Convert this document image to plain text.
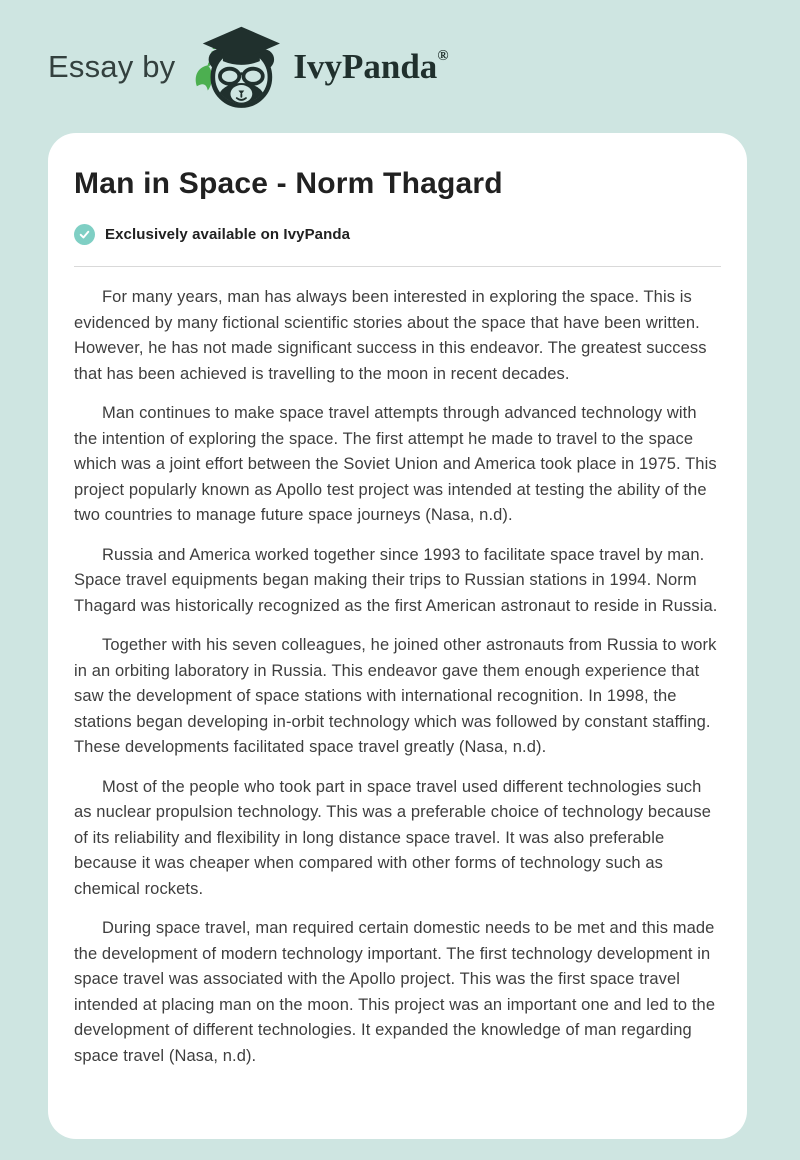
Essay by	IvyPanda®
Man in Space - Norm Thagard
Exclusively available on IvyPanda

For many years, man has always been interested in exploring the space. This is evidenced by many fictional scientific stories about the space that have been written. However, he has not made significant success in this endeavor. The greatest success that has been achieved is travelling to the moon in recent decades.

Man continues to make space travel attempts through advanced technology with the intention of exploring the space. The first attempt he made to travel to the space which was a joint effort between the Soviet Union and America took place in 1975. This project popularly known as Apollo test project was intended at testing the ability of the two countries to manage future space journeys (Nasa, n.d).

Russia and America worked together since 1993 to facilitate space travel by man. Space travel equipments began making their trips to Russian stations in 1994. Norm Thagard was historically recognized as the first American astronaut to reside in Russia.

Together with his seven colleagues, he joined other astronauts from Russia to work in an orbiting laboratory in Russia. This endeavor gave them enough experience that saw the development of space stations with international recognition. In 1998, the stations began developing in-orbit technology which was followed by constant staffing. These developments facilitated space travel greatly (Nasa, n.d).

Most of the people who took part in space travel used different technologies such as nuclear propulsion technology. This was a preferable choice of technology because of its reliability and flexibility in long distance space travel. It was also preferable because it was cheaper when compared with other forms of technology such as chemical rockets.

During space travel, man required certain domestic needs to be met and this made the development of modern technology important. The first technology development in space travel was associated with the Apollo project. This was the first space travel intended at placing man on the moon. This project was an important one and led to the development of different technologies. It expanded the knowledge of man regarding space travel (Nasa, n.d).
